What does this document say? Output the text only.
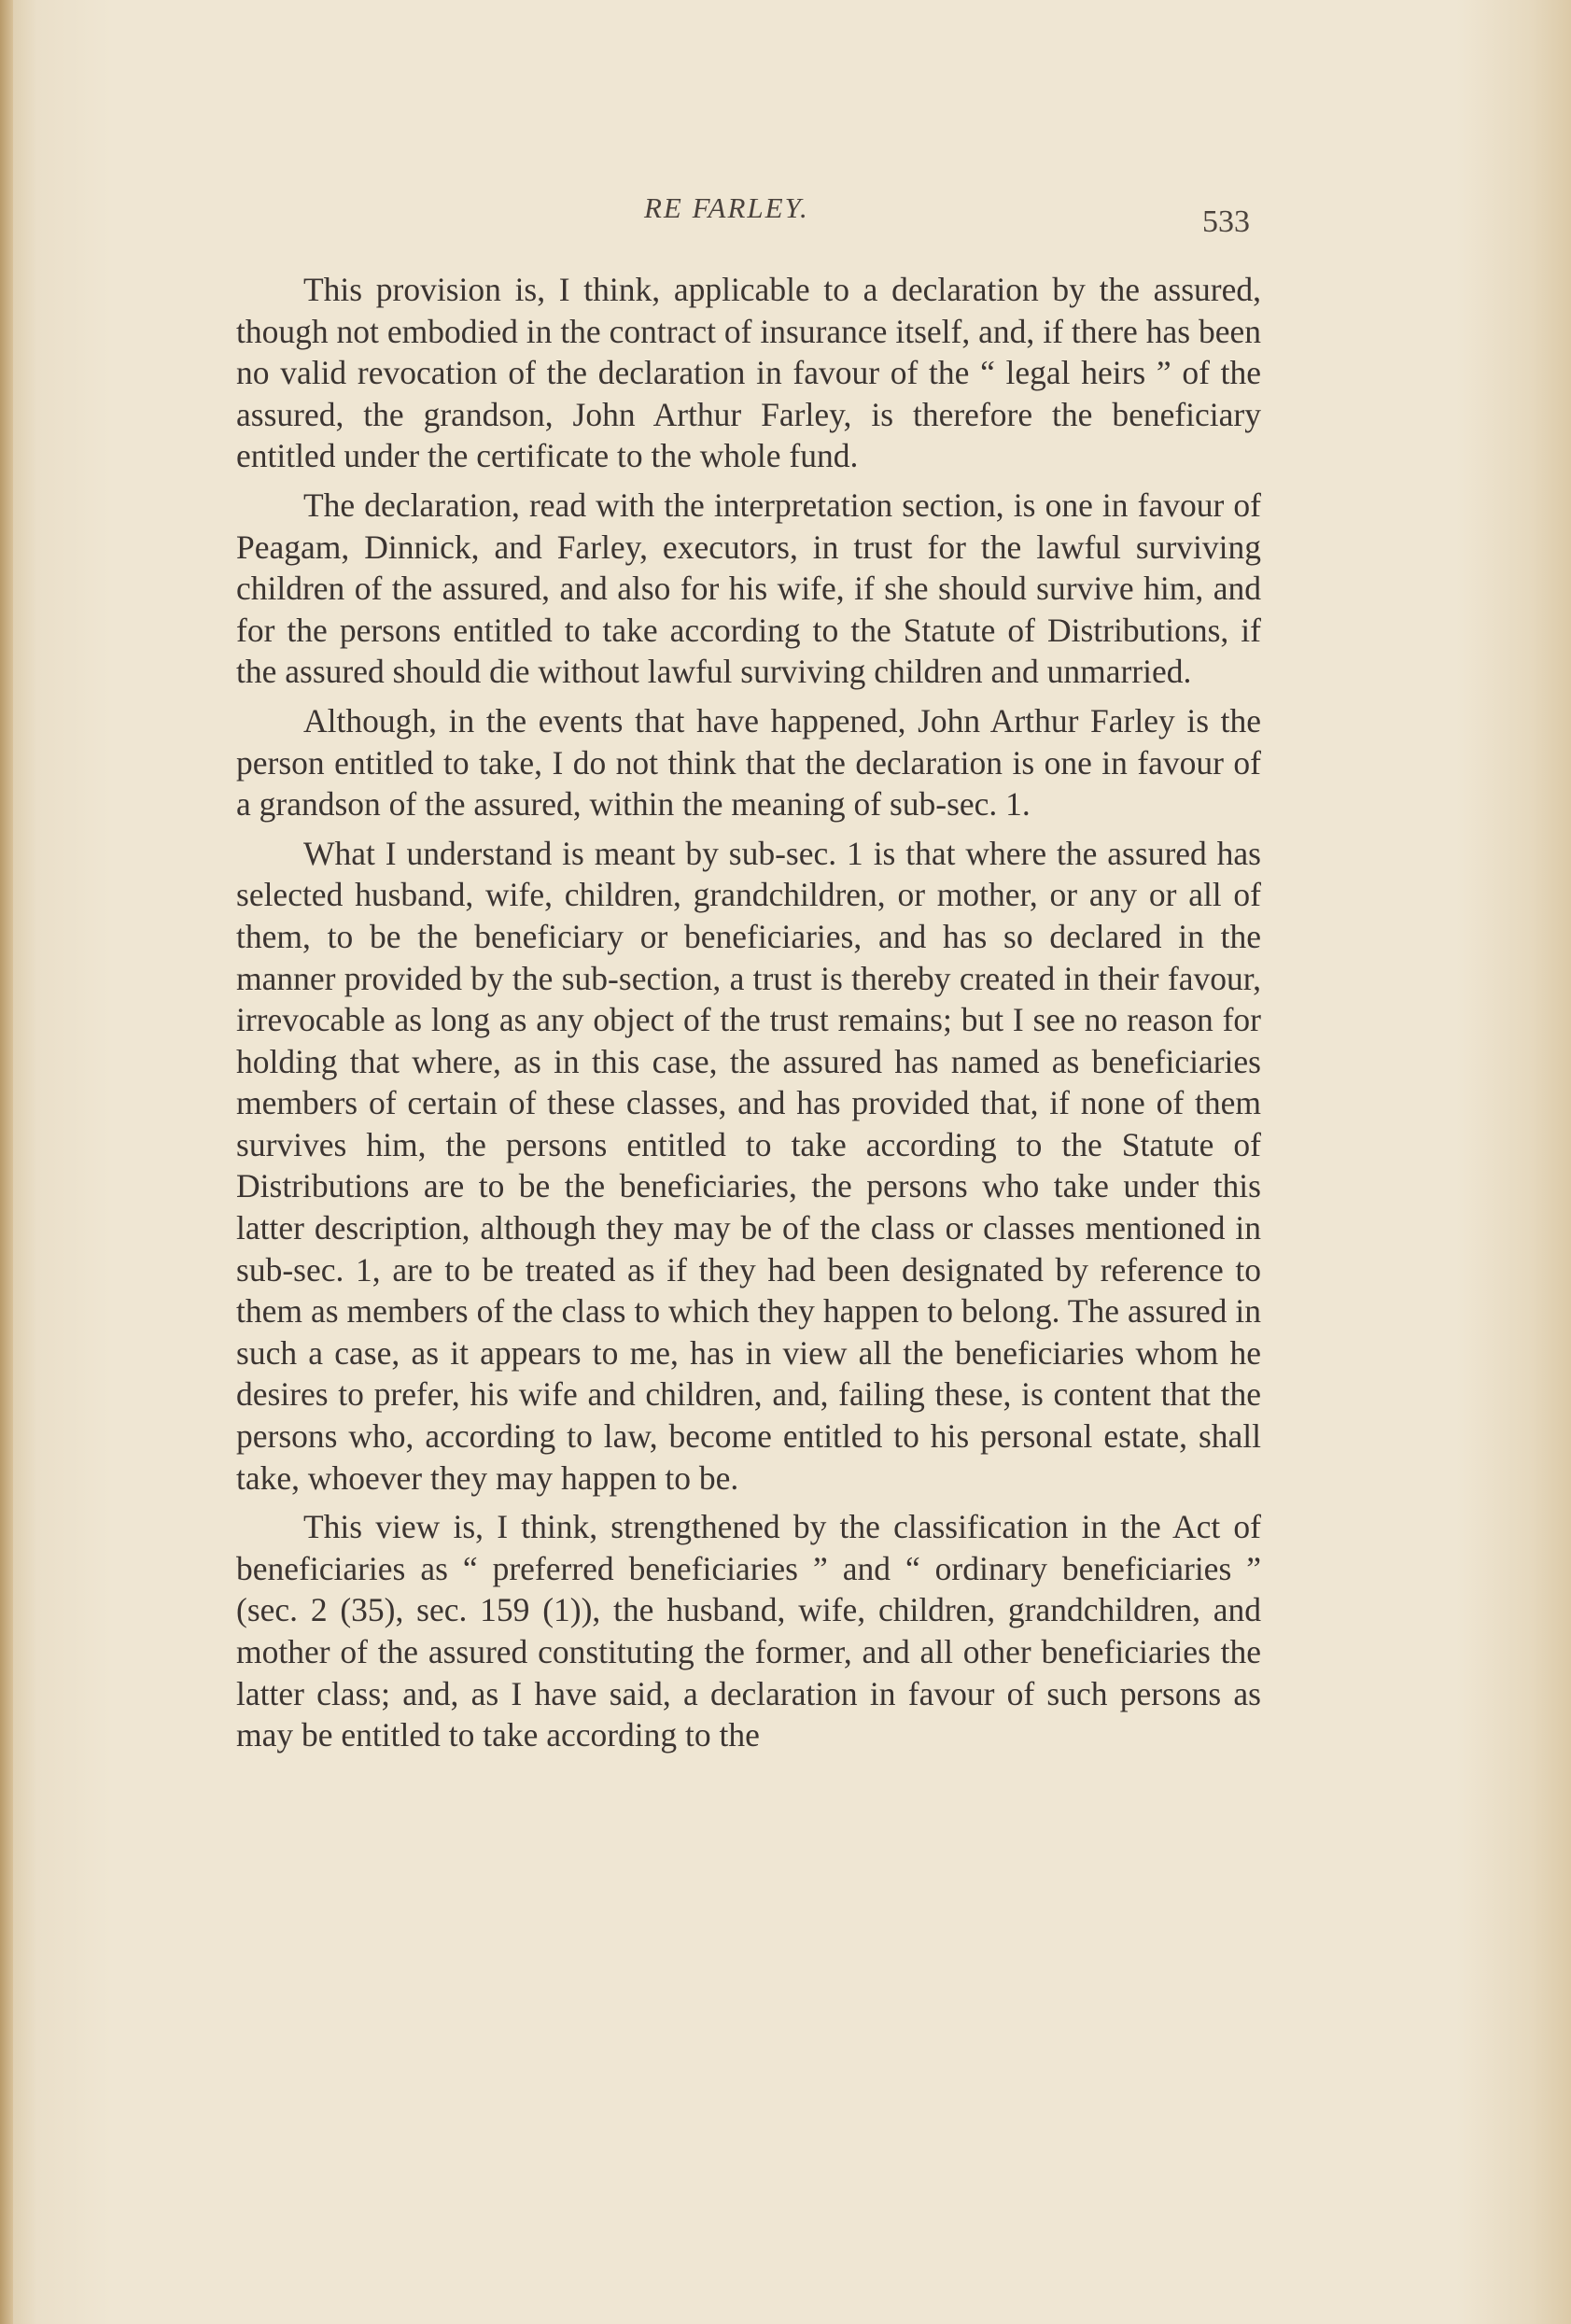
RE FARLEY.	533

This provision is, I think, applicable to a declaration by the assured, though not embodied in the contract of insurance itself, and, if there has been no valid revocation of the declaration in favour of the “ legal heirs ” of the assured, the grandson, John Arthur Farley, is therefore the beneficiary entitled under the certificate to the whole fund.

The declaration, read with the interpretation section, is one in favour of Peagam, Dinnick, and Farley, executors, in trust for the lawful surviving children of the assured, and also for his wife, if she should survive him, and for the persons entitled to take according to the Statute of Distributions, if the assured should die without lawful surviving children and unmarried.

Although, in the events that have happened, John Arthur Farley is the person entitled to take, I do not think that the declaration is one in favour of a grandson of the assured, within the meaning of sub-sec. 1.

What I understand is meant by sub-sec. 1 is that where the assured has selected husband, wife, children, grandchildren, or mother, or any or all of them, to be the beneficiary or beneficiaries, and has so declared in the manner provided by the sub-section, a trust is thereby created in their favour, irrevocable as long as any object of the trust remains; but I see no reason for holding that where, as in this case, the assured has named as beneficiaries members of certain of these classes, and has provided that, if none of them survives him, the persons entitled to take according to the Statute of Distributions are to be the beneficiaries, the persons who take under this latter description, although they may be of the class or classes mentioned in sub-sec. 1, are to be treated as if they had been designated by reference to them as members of the class to which they happen to belong. The assured in such a case, as it appears to me, has in view all the beneficiaries whom he desires to prefer, his wife and children, and, failing these, is content that the persons who, according to law, become entitled to his personal estate, shall take, whoever they may happen to be.

This view is, I think, strengthened by the classification in the Act of beneficiaries as “ preferred beneficiaries ” and “ ordinary beneficiaries ” (sec. 2 (35), sec. 159 (1)), the husband, wife, children, grandchildren, and mother of the assured constituting the former, and all other beneficiaries the latter class; and, as I have said, a declaration in favour of such persons as may be entitled to take according to the
